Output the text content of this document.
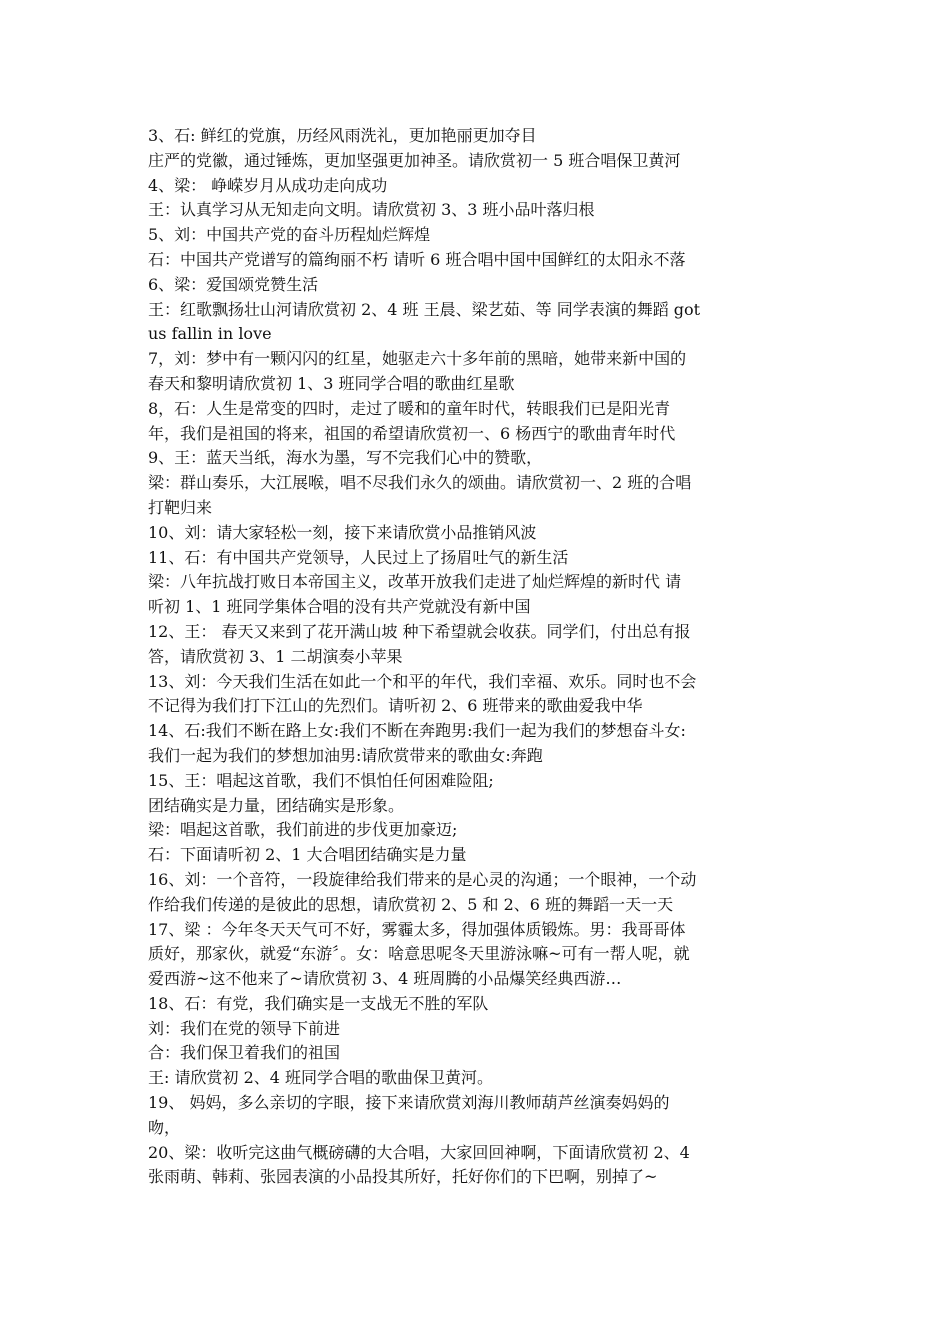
3、石: 鲜红的党旗，历经风雨洗礼，更加艳丽更加夺目
庄严的党徽，通过锤炼，更加坚强更加神圣。请欣赏初一 5 班合唱保卫黄河
4、梁： 峥嵘岁月从成功走向成功
王：认真学习从无知走向文明。请欣赏初 3、3 班小品叶落归根
5、刘：中国共产党的奋斗历程灿烂辉煌
石：中国共产党谱写的篇绚丽不朽 请听 6 班合唱中国中国鲜红的太阳永不落
6、梁：爱国颂党赞生活
王：红歌飘扬壮山河请欣赏初 2、4 班 王晨、梁艺茹、等 同学表演的舞蹈 got
us fallin in love
7，刘：梦中有一颗闪闪的红星，她驱走六十多年前的黑暗，她带来新中国的
春天和黎明请欣赏初 1、3 班同学合唱的歌曲红星歌
8，石：人生是常变的四时，走过了暖和的童年时代，转眼我们已是阳光青
年，我们是祖国的将来，祖国的希望请欣赏初一、6 杨西宁的歌曲青年时代
9、王：蓝天当纸，海水为墨，写不完我们心中的赞歌，
梁：群山奏乐，大江展喉，唱不尽我们永久的颂曲。请欣赏初一、2 班的合唱
打靶归来
10、刘：请大家轻松一刻，接下来请欣赏小品推销风波
11、石：有中国共产党领导，人民过上了扬眉吐气的新生活
梁：八年抗战打败日本帝国主义，改革开放我们走进了灿烂辉煌的新时代 请
听初 1、1 班同学集体合唱的没有共产党就没有新中国
12、王： 春天又来到了花开满山坡 种下希望就会收获。同学们，付出总有报
答，请欣赏初 3、1 二胡演奏小苹果
13、刘：今天我们生活在如此一个和平的年代，我们幸福、欢乐。同时也不会
不记得为我们打下江山的先烈们。请听初 2、6 班带来的歌曲爱我中华
14、石:我们不断在路上女:我们不断在奔跑男:我们一起为我们的梦想奋斗女:
我们一起为我们的梦想加油男:请欣赏带来的歌曲女:奔跑
15、王：唱起这首歌，我们不惧怕任何困难险阻;
团结确实是力量，团结确实是形象。
梁：唱起这首歌，我们前进的步伐更加豪迈;
石：下面请听初 2、1 大合唱团结确实是力量
16、刘：一个音符，一段旋律给我们带来的是心灵的沟通；一个眼神，一个动
作给我们传递的是彼此的思想，请欣赏初 2、5 和 2、6 班的舞蹈一天一天
17、梁 ：今年冬天天气可不好，雾霾太多，得加强体质锻炼。男：我哥哥体
质好，那家伙，就爱“东游〞。女：啥意思呢冬天里游泳嘛~可有一帮人呢，就
爱西游~这不他来了~请欣赏初 3、4 班周腾的小品爆笑经典西游…
18、石：有党，我们确实是一支战无不胜的军队
刘：我们在党的领导下前进
合：我们保卫着我们的祖国
王: 请欣赏初 2、4 班同学合唱的歌曲保卫黄河。
19、 妈妈，多么亲切的字眼，接下来请欣赏刘海川教师葫芦丝演奏妈妈的
吻，
20、梁：收听完这曲气概磅礴的大合唱，大家回回神啊，下面请欣赏初 2、4
张雨萌、韩莉、张园表演的小品投其所好，托好你们的下巴啊，别掉了~
